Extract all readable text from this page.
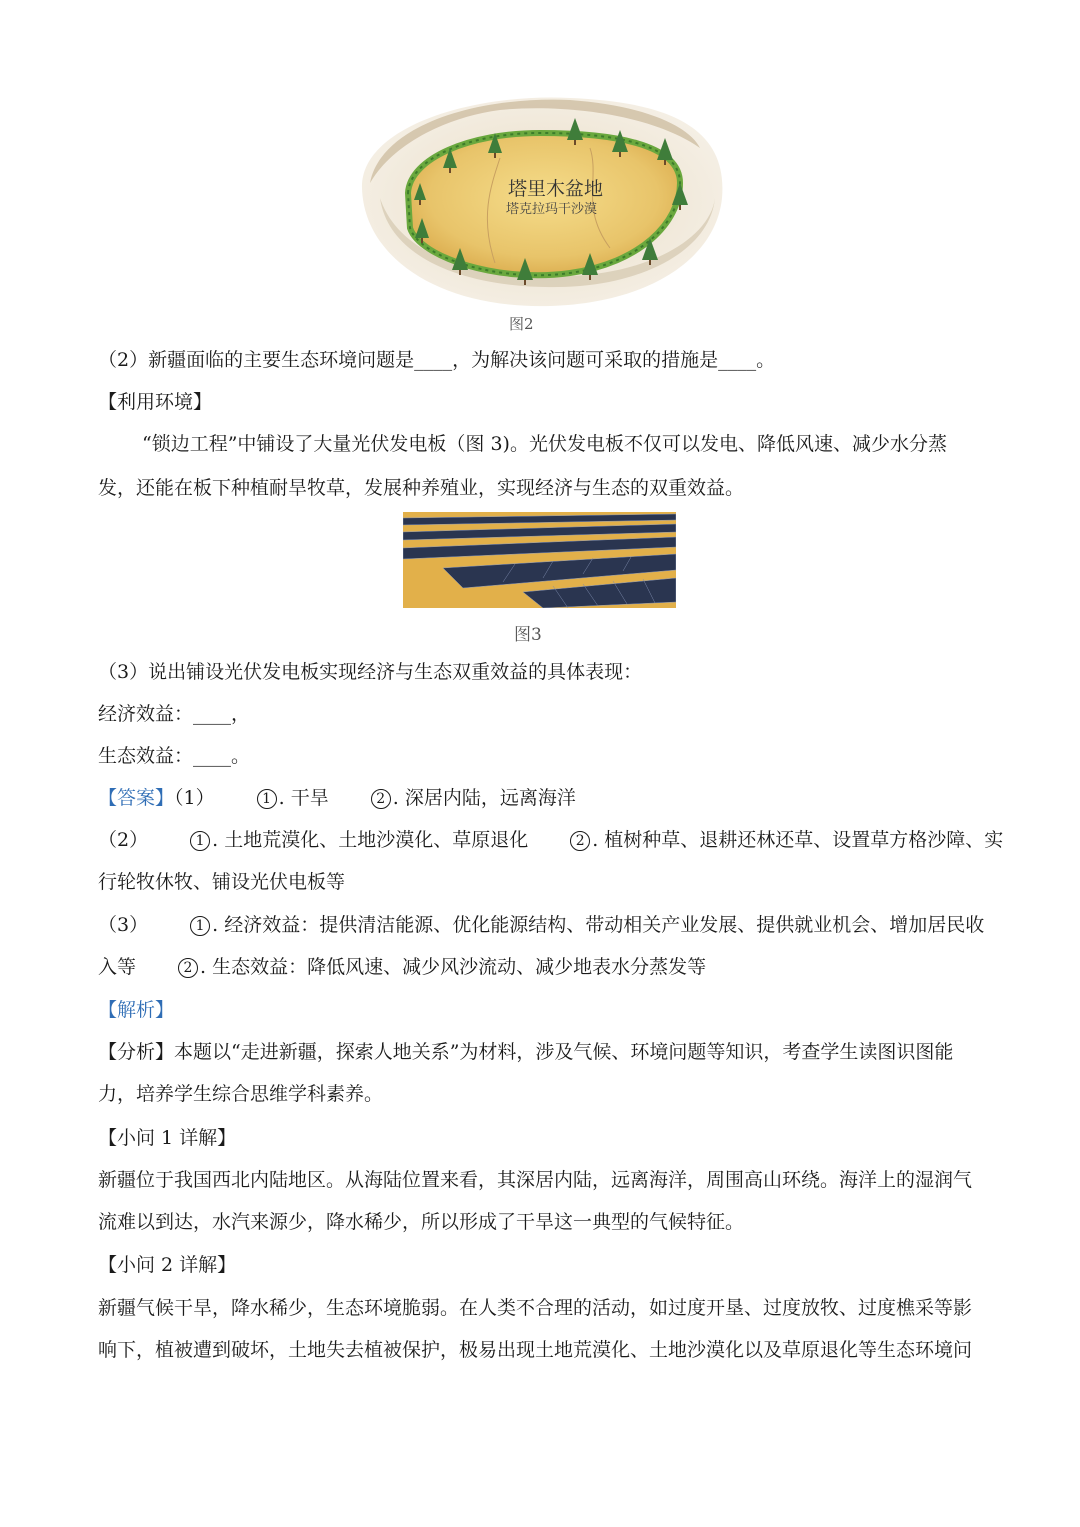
塔里木盆地
塔克拉玛干沙漠
图2
（2）新疆面临的主要生态环境问题是____，为解决该问题可采取的措施是____。
【利用环境】
“锁边工程”中铺设了大量光伏发电板（图 3)。光伏发电板不仅可以发电、降低风速、减少水分蒸
发，还能在板下种植耐旱牧草，发展种养殖业，实现经济与生态的双重效益。
图3
（3）说出铺设光伏发电板实现经济与生态双重效益的具体表现：
经济效益：____，
生态效益：____。
【答案】（1）	1 . 干旱	2 . 深居内陆，远离海洋
（2）	1 . 土地荒漠化、土地沙漠化、草原退化	2 . 植树种草、退耕还林还草、设置草方格沙障、实
行轮牧休牧、铺设光伏电板等
（3）	1 . 经济效益：提供清洁能源、优化能源结构、带动相关产业发展、提供就业机会、增加居民收
入等	2 . 生态效益：降低风速、减少风沙流动、减少地表水分蒸发等
【解析】
【分析】本题以“走进新疆，探索人地关系”为材料，涉及气候、环境问题等知识，考查学生读图识图能
力，培养学生综合思维学科素养。
【小问 1 详解】
新疆位于我国西北内陆地区。从海陆位置来看，其深居内陆，远离海洋，周围高山环绕。海洋上的湿润气
流难以到达，水汽来源少，降水稀少，所以形成了干旱这一典型的气候特征。
【小问 2 详解】
新疆气候干旱，降水稀少，生态环境脆弱。在人类不合理的活动，如过度开垦、过度放牧、过度樵采等影
响下，植被遭到破坏，土地失去植被保护，极易出现土地荒漠化、土地沙漠化以及草原退化等生态环境问
